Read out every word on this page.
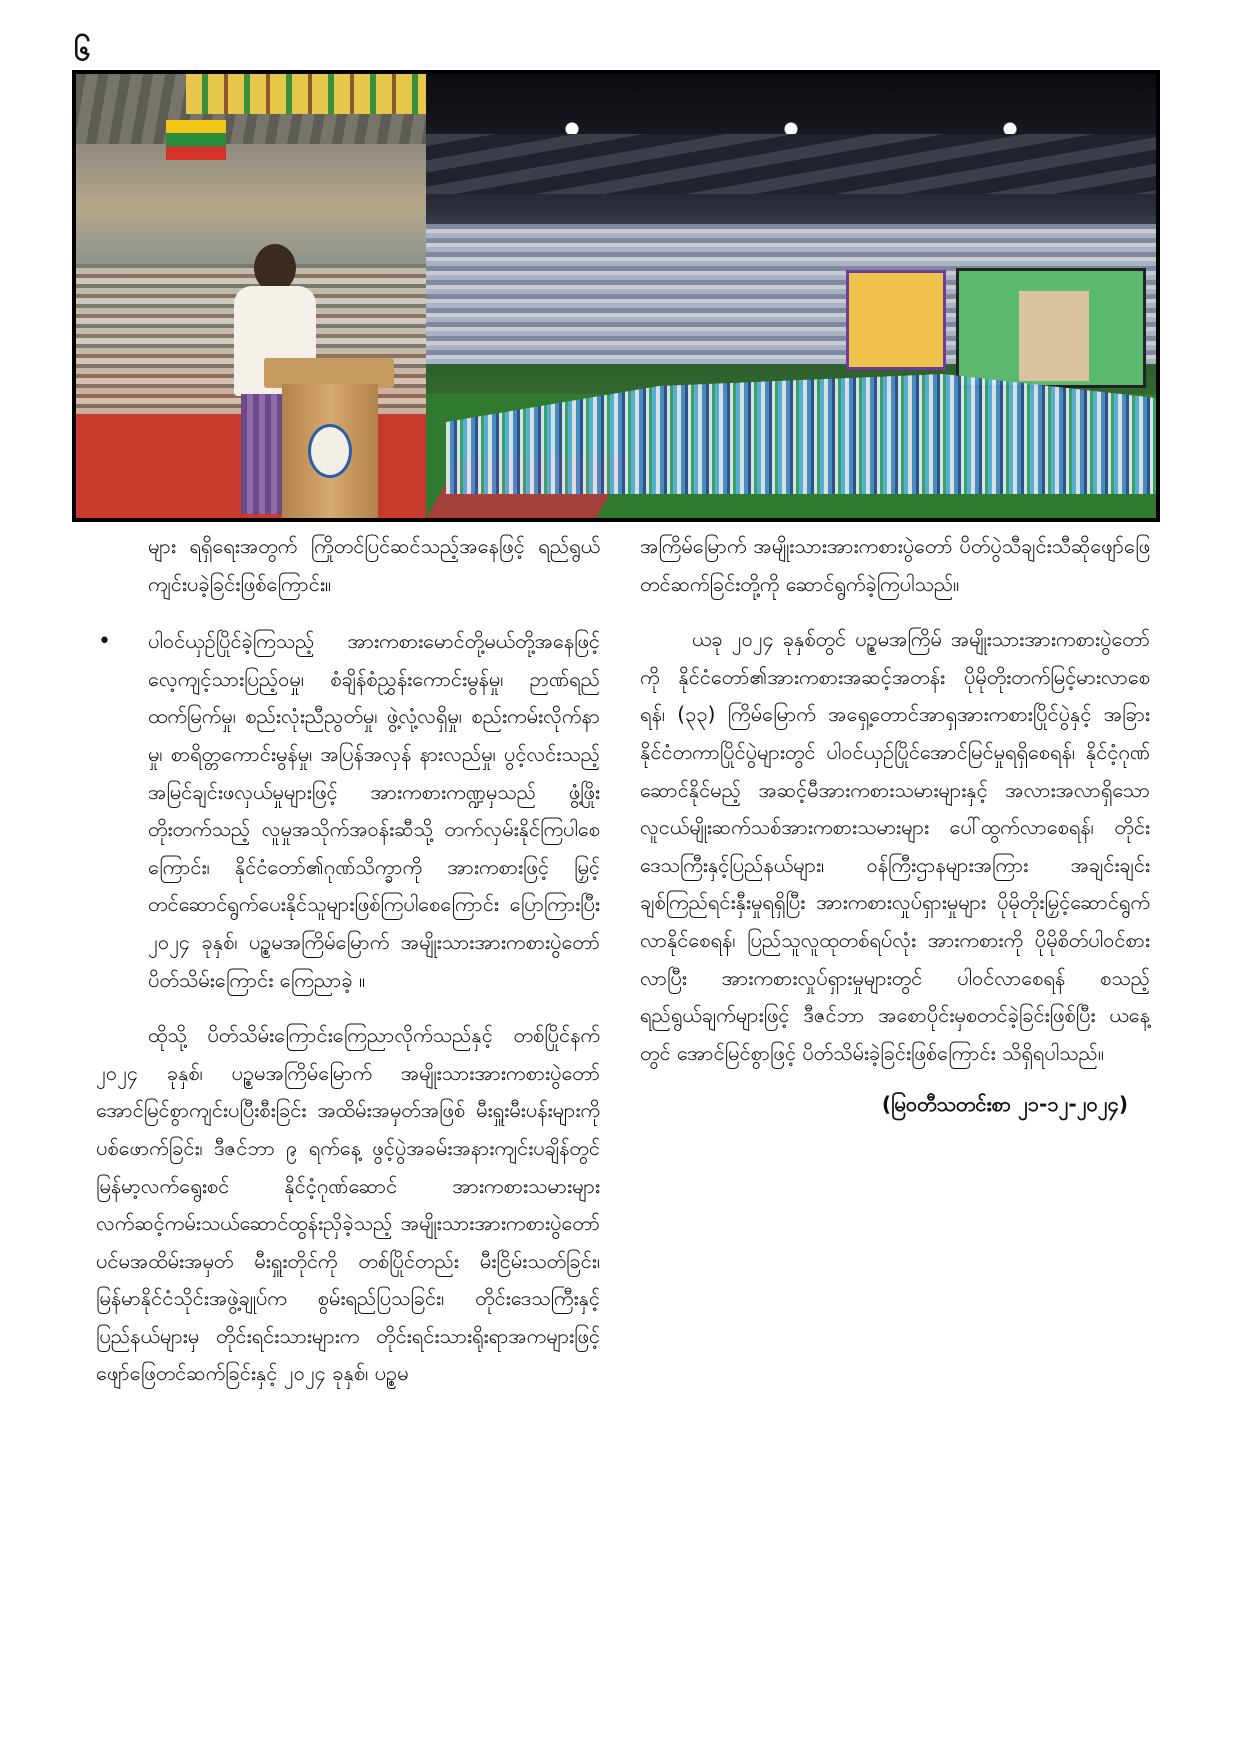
၆

များ ရရှိရေးအတွက် ကြိုတင်ပြင်ဆင်သည့်အနေဖြင့် ရည်ရွယ်ကျင်းပခဲ့ခြင်းဖြစ်ကြောင်း။

• ပါဝင်ယှဉ်ပြိုင်ခဲ့ကြသည့် အားကစားမောင်တို့မယ်တို့အနေဖြင့် လေ့ကျင့်သားပြည့်ဝမှု၊ စံချိန်စံညွှန်းကောင်းမွန်မှု၊ ဉာဏ်ရည်ထက်မြက်မှု၊ စည်းလုံးညီညွတ်မှု၊ ဖွဲ့လုံ့လရှိမှု၊ စည်းကမ်းလိုက်နာမှု၊ စာရိတ္တကောင်းမွန်မှု၊ အပြန်အလှန် နားလည်မှု၊ ပွင့်လင်းသည့် အမြင်ချင်းဖလှယ်မှုများဖြင့် အားကစားကဏ္ဍမှသည် ဖွံ့ဖြိုးတိုးတက်သည့် လူမှုအသိုက်အဝန်းဆီသို့ တက်လှမ်းနိုင်ကြပါစေကြောင်း၊ နိုင်ငံတော်၏ဂုဏ်သိက္ခာကို အားကစားဖြင့် မြှင့်တင်ဆောင်ရွက်ပေးနိုင်သူများဖြစ်ကြပါစေကြောင်း ပြောကြားပြီး ၂၀၂၄ ခုနှစ်၊ ပဉ္စမအကြိမ်မြောက် အမျိုးသားအားကစားပွဲတော် ပိတ်သိမ်းကြောင်း ကြေညာခဲ့ ။

ထိုသို့ ပိတ်သိမ်းကြောင်းကြေညာလိုက်သည်နှင့် တစ်ပြိုင်နက် ၂၀၂၄ ခုနှစ်၊ ပဉ္စမအကြိမ်မြောက် အမျိုးသားအားကစားပွဲတော် အောင်မြင်စွာကျင်းပပြီးစီးခြင်း အထိမ်းအမှတ်အဖြစ် မီးရှူးမီးပန်းများကို ပစ်ဖောက်ခြင်း၊ ဒီဇင်ဘာ ၉ ရက်နေ့ ဖွင့်ပွဲအခမ်းအနားကျင်းပချိန်တွင် မြန်မာ့လက်ရွေးစင် နိုင်ငံ့ဂုဏ်ဆောင် အားကစားသမားများ လက်ဆင့်ကမ်းသယ်ဆောင်ထွန်းညှိခဲ့သည့် အမျိုးသားအားကစားပွဲတော် ပင်မအထိမ်းအမှတ် မီးရှူးတိုင်ကို တစ်ပြိုင်တည်း မီးငြိမ်းသတ်ခြင်း၊ မြန်မာနိုင်ငံသိုင်းအဖွဲ့ချုပ်က စွမ်းရည်ပြသခြင်း၊ တိုင်းဒေသကြီးနှင့်ပြည်နယ်များမှ တိုင်းရင်းသားများက တိုင်းရင်းသားရိုးရာအကများဖြင့် ဖျော်ဖြေတင်ဆက်ခြင်းနှင့် ၂၀၂၄ ခုနှစ်၊ ပဉ္စမ

အကြိမ်မြောက် အမျိုးသားအားကစားပွဲတော် ပိတ်ပွဲသီချင်းသီဆိုဖျော်ဖြေတင်ဆက်ခြင်းတို့ကို ဆောင်ရွက်ခဲ့ကြပါသည်။

ယခု ၂၀၂၄ ခုနှစ်တွင် ပဉ္စမအကြိမ် အမျိုးသားအားကစားပွဲတော်ကို နိုင်ငံတော်၏အားကစားအဆင့်အတန်း ပိုမိုတိုးတက်မြင့်မားလာစေရန်၊ (၃၃) ကြိမ်မြောက် အရှေ့တောင်အာရှအားကစားပြိုင်ပွဲနှင့် အခြားနိုင်ငံတကာပြိုင်ပွဲများတွင် ပါဝင်ယှဉ်ပြိုင်အောင်မြင်မှုရရှိစေရန်၊ နိုင်ငံ့ဂုဏ်ဆောင်နိုင်မည့် အဆင့်မီအားကစားသမားများနှင့် အလားအလာရှိသော လူငယ်မျိုးဆက်သစ်အားကစားသမားများ ပေါ်ထွက်လာစေရန်၊ တိုင်းဒေသကြီးနှင့်ပြည်နယ်များ၊ ဝန်ကြီးဌာနများအကြား အချင်းချင်း ချစ်ကြည်ရင်းနှီးမှုရရှိပြီး အားကစားလှုပ်ရှားမှုများ ပိုမိုတိုးမြှင့်ဆောင်ရွက်လာနိုင်စေရန်၊ ပြည်သူလူထုတစ်ရပ်လုံး အားကစားကို ပိုမိုစိတ်ပါဝင်စားလာပြီး အားကစားလှုပ်ရှားမှုများတွင် ပါဝင်လာစေရန် စသည့်ရည်ရွယ်ချက်များဖြင့် ဒီဇင်ဘာ အစောပိုင်းမှစတင်ခဲ့ခြင်းဖြစ်ပြီး ယနေ့တွင် အောင်မြင်စွာဖြင့် ပိတ်သိမ်းခဲ့ခြင်းဖြစ်ကြောင်း သိရှိရပါသည်။

(မြဝတီသတင်းစာ ၂၁-၁၂-၂၀၂၄)
